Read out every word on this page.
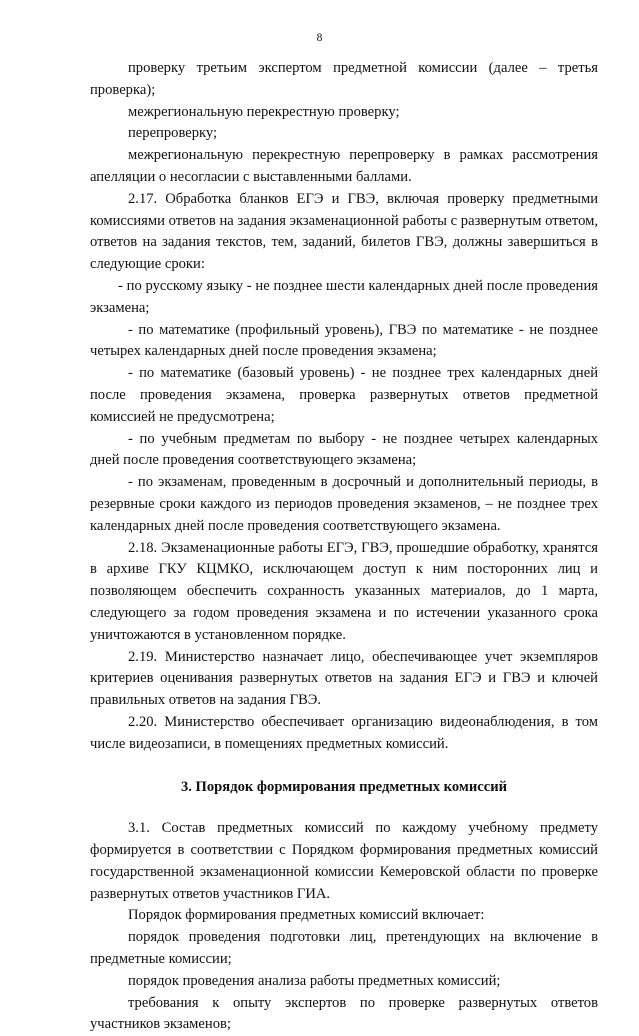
8

проверку третьим экспертом предметной комиссии (далее – третья проверка);

межрегиональную перекрестную проверку;

перепроверку;

межрегиональную перекрестную перепроверку в рамках рассмотрения апелляции о несогласии с выставленными баллами.

2.17. Обработка бланков ЕГЭ и ГВЭ, включая проверку предметными комиссиями ответов на задания экзаменационной работы с развернутым ответом, ответов на задания текстов, тем, заданий, билетов ГВЭ, должны завершиться в следующие сроки:

- по русскому языку - не позднее шести календарных дней после проведения экзамена;

- по математике (профильный уровень), ГВЭ по математике - не позднее четырех календарных дней после проведения экзамена;

- по математике (базовый уровень) - не позднее трех календарных дней после проведения экзамена, проверка развернутых ответов предметной комиссией не предусмотрена;

- по учебным предметам по выбору - не позднее четырех календарных дней после проведения соответствующего экзамена;

- по экзаменам, проведенным в досрочный и дополнительный периоды, в резервные сроки каждого из периодов проведения экзаменов, – не позднее трех календарных дней после проведения соответствующего экзамена.

2.18. Экзаменационные работы ЕГЭ, ГВЭ, прошедшие обработку, хранятся в архиве ГКУ КЦМКО, исключающем доступ к ним посторонних лиц и позволяющем обеспечить сохранность указанных материалов, до 1 марта, следующего за годом проведения экзамена и по истечении указанного срока уничтожаются в установленном порядке.

2.19. Министерство назначает лицо, обеспечивающее учет экземпляров критериев оценивания развернутых ответов на задания ЕГЭ и ГВЭ и ключей правильных ответов на задания ГВЭ.

2.20. Министерство обеспечивает организацию видеонаблюдения, в том числе видеозаписи, в помещениях предметных комиссий.

3. Порядок формирования предметных комиссий

3.1. Состав предметных комиссий по каждому учебному предмету формируется в соответствии с Порядком формирования предметных комиссий государственной экзаменационной комиссии Кемеровской области по проверке развернутых ответов участников ГИА.

Порядок формирования предметных комиссий включает:

порядок проведения подготовки лиц, претендующих на включение в предметные комиссии;

порядок проведения анализа работы предметных комиссий;

требования к опыту экспертов по проверке развернутых ответов участников экзаменов;
